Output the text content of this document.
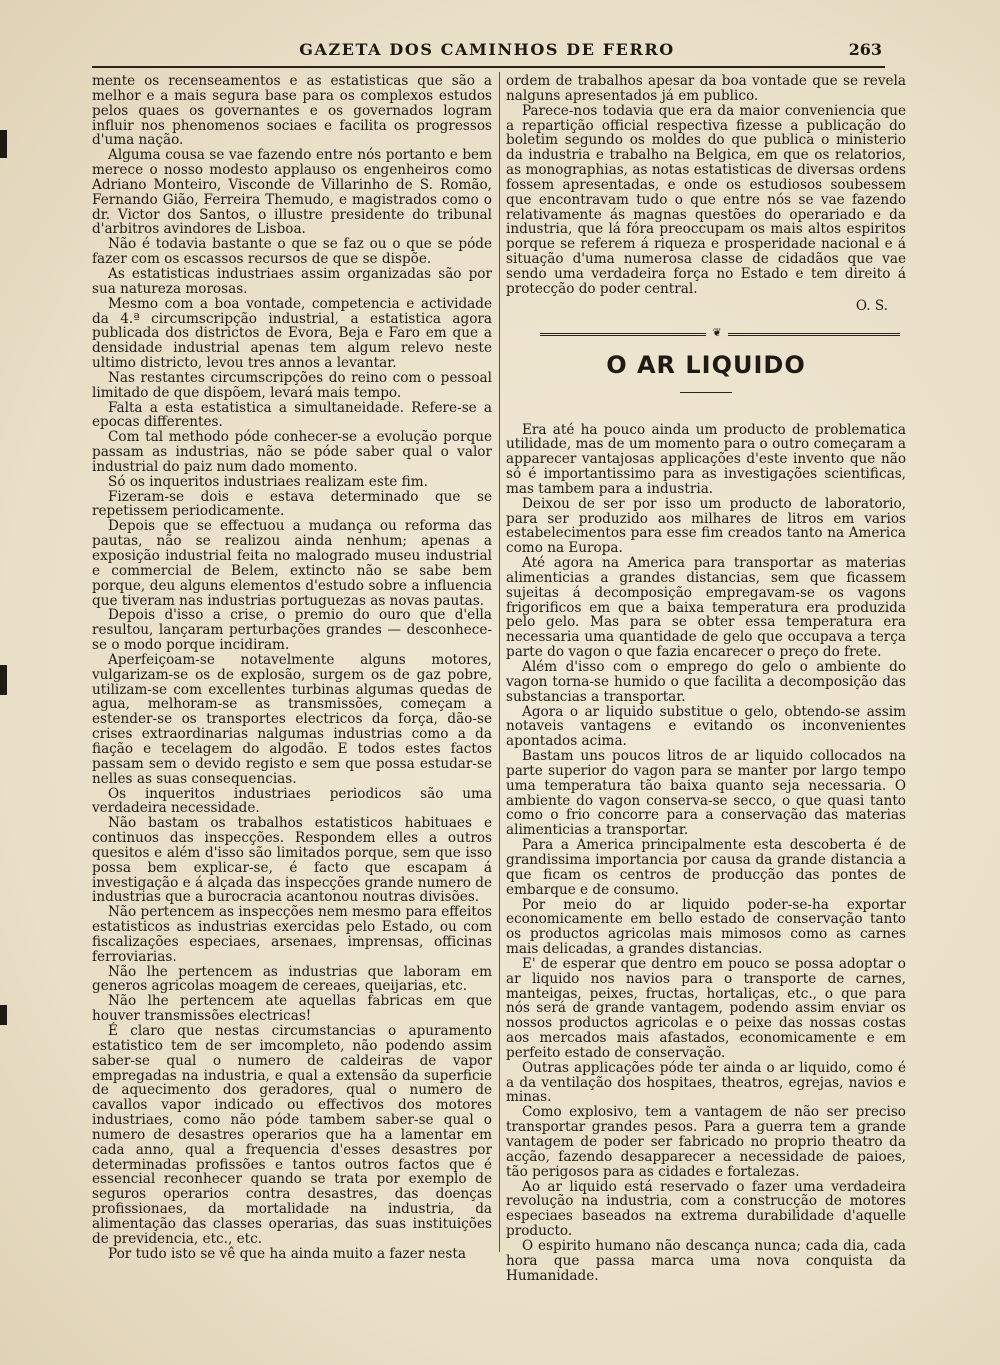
GAZETA DOS CAMINHOS DE FERRO	263

mente os recenseamentos e as estatisticas que são a melhor e a mais segura base para os complexos estudos pelos quaes os governantes e os governados logram influir nos phenomenos sociaes e facilita os progressos d'uma nação.

Alguma cousa se vae fazendo entre nós portanto e bem merece o nosso modesto applauso os engenheiros como Adriano Monteiro, Visconde de Villarinho de S. Romão, Fernando Gião, Ferreira Themudo, e magistrados como o dr. Victor dos Santos, o illustre presidente do tribunal d'arbitros avindores de Lisboa.

Não é todavia bastante o que se faz ou o que se póde fazer com os escassos recursos de que se dispõe.

As estatisticas industriaes assim organizadas são por sua natureza morosas.

Mesmo com a boa vontade, competencia e actividade da 4.ª circumscripção industrial, a estatistica agora publicada dos districtos de Evora, Beja e Faro em que a densidade industrial apenas tem algum relevo neste ultimo districto, levou tres annos a levantar.

Nas restantes circumscripções do reino com o pessoal limitado de que dispõem, levará mais tempo.

Falta a esta estatistica a simultaneidade. Refere-se a epocas differentes.

Com tal methodo póde conhecer-se a evolução porque passam as industrias, não se póde saber qual o valor industrial do paiz num dado momento.

Só os inqueritos industriaes realizam este fim.

Fizeram-se dois e estava determinado que se repetissem periodicamente.

Depois que se effectuou a mudança ou reforma das pautas, não se realizou ainda nenhum; apenas a exposição industrial feita no malogrado museu industrial e commercial de Belem, extincto não se sabe bem porque, deu alguns elementos d'estudo sobre a influencia que tiveram nas industrias portuguezas as novas pautas.

Depois d'isso a crise, o premio do ouro que d'ella resultou, lançaram perturbações grandes — desconhece-se o modo porque incidiram.

Aperfeiçoam-se notavelmente alguns motores, vulgarizam-se os de explosão, surgem os de gaz pobre, utilizam-se com excellentes turbinas algumas quedas de agua, melhoram-se as transmissões, começam a estender-se os transportes electricos da força, dão-se crises extraordinarias nalgumas industrias como a da fiação e tecelagem do algodão. E todos estes factos passam sem o devido registo e sem que possa estudar-se nelles as suas consequencias.

Os inqueritos industriaes periodicos são uma verdadeira necessidade.

Não bastam os trabalhos estatisticos habituaes e continuos das inspecções. Respondem elles a outros quesitos e além d'isso são limitados porque, sem que isso possa bem explicar-se, é facto que escapam á investigação e á alçada das inspecções grande numero de industrias que a burocracia acantonou noutras divisões.

Não pertencem as inspecções nem mesmo para effeitos estatisticos as industrias exercidas pelo Estado, ou com fiscalizações especiaes, arsenaes, imprensas, officinas ferroviarias.

Não lhe pertencem as industrias que laboram em generos agricolas moagem de cereaes, queijarias, etc.

Não lhe pertencem ate aquellas fabricas em que houver transmissões electricas!

É claro que nestas circumstancias o apuramento estatistico tem de ser imcompleto, não podendo assim saber-se qual o numero de caldeiras de vapor empregadas na industria, e qual a extensão da superficie de aquecimento dos geradores, qual o numero de cavallos vapor indicado ou effectivos dos motores industriaes, como não póde tambem saber-se qual o numero de desastres operarios que ha a lamentar em cada anno, qual a frequencia d'esses desastres por determinadas profissões e tantos outros factos que é essencial reconhecer quando se trata por exemplo de seguros operarios contra desastres, das doenças profissionaes, da mortalidade na industria, da alimentação das classes operarias, das suas instituições de previdencia, etc., etc.

Por tudo isto se vê que ha ainda muito a fazer nesta

ordem de trabalhos apesar da boa vontade que se revela nalguns apresentados já em publico.

Parece-nos todavia que era da maior conveniencia que a repartição official respectiva fizesse a publicação do boletim segundo os moldes do que publica o ministerio da industria e trabalho na Belgica, em que os relatorios, as monographias, as notas estatisticas de diversas ordens fossem apresentadas, e onde os estudiosos soubessem que encontravam tudo o que entre nós se vae fazendo relativamente ás magnas questões do operariado e da industria, que lá fóra preoccupam os mais altos espiritos porque se referem á riqueza e prosperidade nacional e á situação d'uma numerosa classe de cidadãos que vae sendo uma verdadeira força no Estado e tem direito á protecção do poder central.

O. S.
❦
O AR LIQUIDO

Era até ha pouco ainda um producto de problematica utilidade, mas de um momento para o outro começaram a apparecer vantajosas applicações d'este invento que não só é importantissimo para as investigações scientificas, mas tambem para a industria.

Deixou de ser por isso um producto de laboratorio, para ser produzido aos milhares de litros em varios estabelecimentos para esse fim creados tanto na America como na Europa.

Até agora na America para transportar as materias alimenticias a grandes distancias, sem que ficassem sujeitas á decomposição empregavam-se os vagons frigorificos em que a baixa temperatura era produzida pelo gelo. Mas para se obter essa temperatura era necessaria uma quantidade de gelo que occupava a terça parte do vagon o que fazia encarecer o preço do frete.

Além d'isso com o emprego do gelo o ambiente do vagon torna-se humido o que facilita a decomposição das substancias a transportar.

Agora o ar liquido substitue o gelo, obtendo-se assim notaveis vantagens e evitando os inconvenientes apontados acima.

Bastam uns poucos litros de ar liquido collocados na parte superior do vagon para se manter por largo tempo uma temperatura tão baixa quanto seja necessaria. O ambiente do vagon conserva-se secco, o que quasi tanto como o frio concorre para a conservação das materias alimenticias a transportar.

Para a America principalmente esta descoberta é de grandissima importancia por causa da grande distancia a que ficam os centros de producção das pontes de embarque e de consumo.

Por meio do ar liquido poder-se-ha exportar economicamente em bello estado de conservação tanto os productos agricolas mais mimosos como as carnes mais delicadas, a grandes distancias.

E' de esperar que dentro em pouco se possa adoptar o ar liquido nos navios para o transporte de carnes, manteigas, peixes, fructas, hortaliças, etc., o que para nós será de grande vantagem, podendo assim enviar os nossos productos agricolas e o peixe das nossas costas aos mercados mais afastados, economicamente e em perfeito estado de conservação.

Outras applicações póde ter ainda o ar liquido, como é a da ventilação dos hospitaes, theatros, egrejas, navios e minas.

Como explosivo, tem a vantagem de não ser preciso transportar grandes pesos. Para a guerra tem a grande vantagem de poder ser fabricado no proprio theatro da acção, fazendo desapparecer a necessidade de paioes, tão perigosos para as cidades e fortalezas.

Ao ar liquido está reservado o fazer uma verdadeira revolução na industria, com a construcção de motores especiaes baseados na extrema durabilidade d'aquelle producto.

O espirito humano não descança nunca; cada dia, cada hora que passa marca uma nova conquista da Humanidade.
